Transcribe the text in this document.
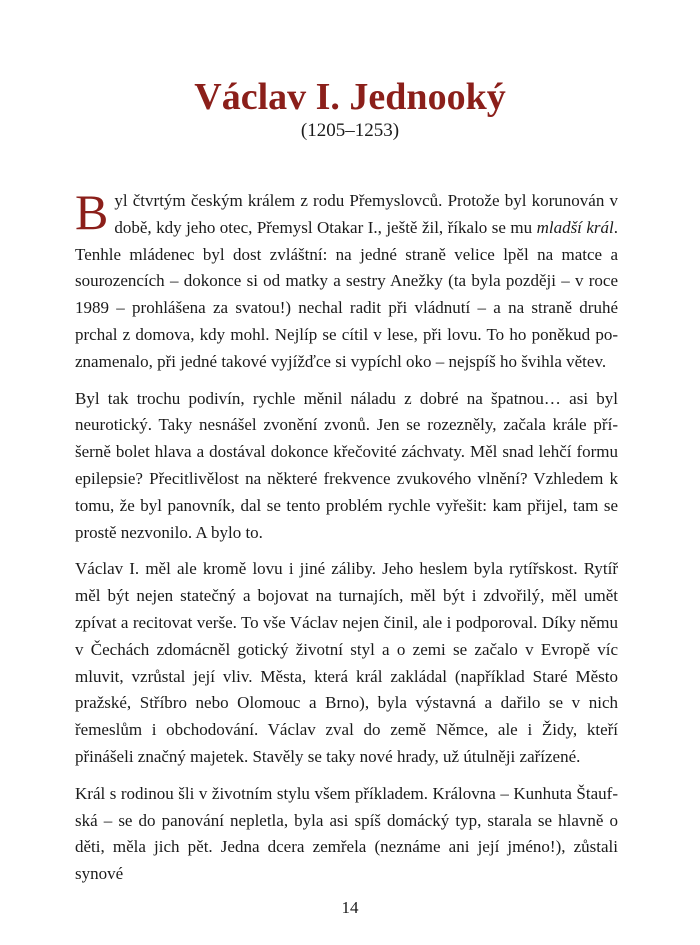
Václav I. Jednooký

(1205–1253)

Byl čtvrtým českým králem z rodu Přemyslovců. Protože byl korunován v době, kdy jeho otec, Přemysl Otakar I., ještě žil, říkalo se mu mladší král. Tenhle mládenec byl dost zvláštní: na jedné straně velice lpěl na matce a sourozencích – dokonce si od matky a sestry Anežky (ta byla později – v roce 1989 – prohlášena za svatou!) nechal radit při vládnutí – a na straně druhé prchal z domova, kdy mohl. Nejlíp se cítil v lese, při lovu. To ho poněkud poznamenalo, při jedné takové vyjížďce si vypíchl oko – nejspíš ho švihla větev.

Byl tak trochu podivín, rychle měnil náladu z dobré na špatnou… asi byl neurotický. Taky nesnášel zvonění zvonů. Jen se rozezněly, začala krále příšerně bolet hlava a dostával dokonce křečovité záchvaty. Měl snad lehčí formu epilepsie? Přecitlivělost na některé frekvence zvukového vlnění? Vzhledem k tomu, že byl panovník, dal se tento problém rychle vyřešit: kam přijel, tam se prostě nezvonilo. A bylo to.

Václav I. měl ale kromě lovu i jiné záliby. Jeho heslem byla rytířskost. Rytíř měl být nejen statečný a bojovat na turnajích, měl být i zdvořilý, měl umět zpívat a recitovat verše. To vše Václav nejen činil, ale i podporoval. Díky němu v Čechách zdomácněl gotický životní styl a o zemi se začalo v Evropě víc mluvit, vzrůstal její vliv. Města, která král zakládal (například Staré Město pražské, Stříbro nebo Olomouc a Brno), byla výstavná a dařilo se v nich řemeslům i obchodování. Václav zval do země Němce, ale i Židy, kteří přinášeli značný majetek. Stavěly se taky nové hrady, už útulněji zařízené.

Král s rodinou šli v životním stylu všem příkladem. Královna – Kunhuta Štaufská – se do panování nepletla, byla asi spíš domácký typ, starala se hlavně o děti, měla jich pět. Jedna dcera zemřela (neznáme ani její jméno!), zůstali synové

14
